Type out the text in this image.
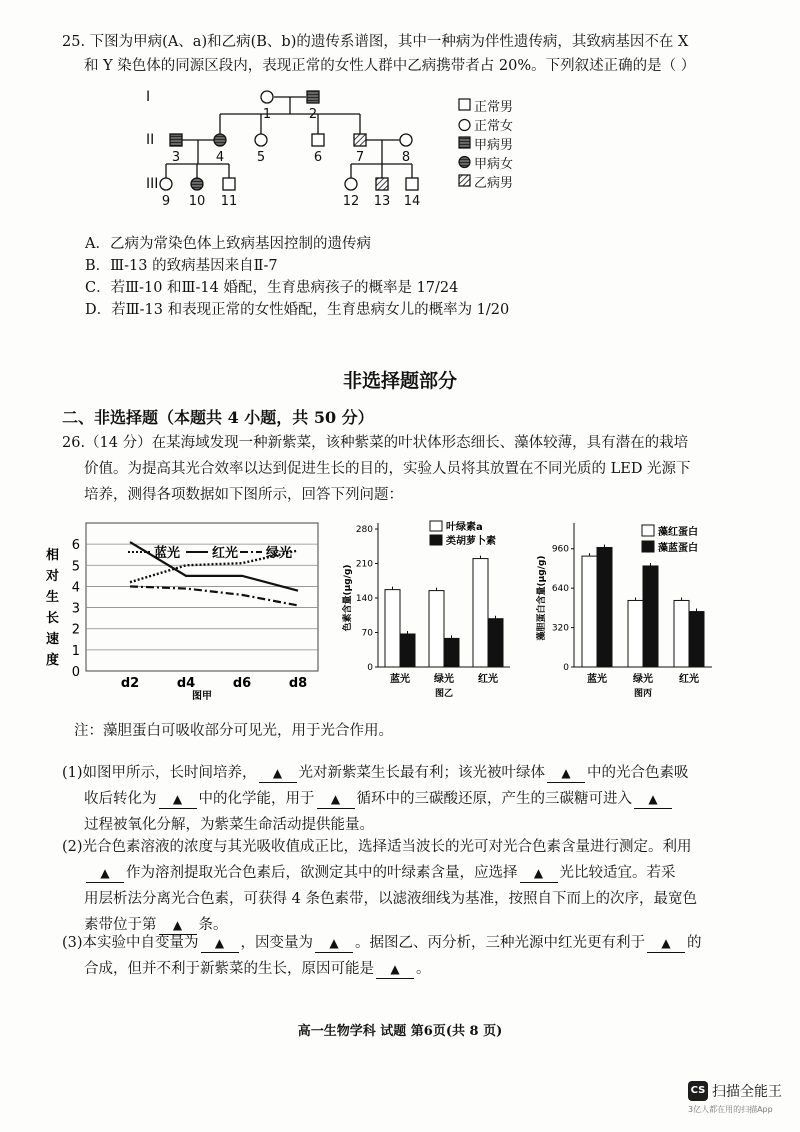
25. 下图为甲病(A、a)和乙病(B、b)的遗传系谱图，其中一种病为伴性遗传病，其致病基因不在 X
和 Y 染色体的同源区段内，表现正常的女性人群中乙病携带者占 20%。下列叙述正确的是（ ）
1	2
3	4	5	6	7	8
9 10 11	12 13 14
I
II
III
正常男
正常女
甲病男
甲病女
乙病男
A．乙病为常染色体上致病基因控制的遗传病
B．Ⅲ-13 的致病基因来自Ⅱ-7
C．若Ⅲ-10 和Ⅲ-14 婚配，生育患病孩子的概率是 17/24
D．若Ⅲ-13 和表现正常的女性婚配，生育患病女儿的概率为 1/20
非选择题部分
二、非选择题（本题共 4 小题，共 50 分）
26.（14 分）在某海域发现一种新紫菜，该种紫菜的叶状体形态细长、藻体较薄，具有潜在的栽培
价值。为提高其光合效率以达到促进生长的目的，实验人员将其放置在不同光质的 LED 光源下
培养，测得各项数据如下图所示，回答下列问题：
0
1
2
3
4
5
6
d2	d4	d6	d8
图甲
相
对
生
长
速
度
蓝光 红光 绿光
0
70
140
210
280
蓝光 绿光 红光
图乙
色素含量(μg/g)
叶绿素a
类胡萝卜素
0
320
640
960
蓝光	绿光	红光
图丙
藻胆蛋白含量(μg/g)
藻红蛋白
藻蓝蛋白
注：藻胆蛋白可吸收部分可见光，用于光合作用。
(1)如图甲所示，长时间培养， ▲ 光对新紫菜生长最有利；该光被叶绿体 ▲ 中的光合色素吸
收后转化为 ▲ 中的化学能，用于 ▲ 循环中的三碳酸还原，产生的三碳糖可进入 ▲
过程被氧化分解，为紫菜生命活动提供能量。
(2)光合色素溶液的浓度与其光吸收值成正比，选择适当波长的光可对光合色素含量进行测定。利用
▲ 作为溶剂提取光合色素后，欲测定其中的叶绿素含量，应选择 ▲ 光比较适宜。若采
用层析法分离光合色素，可获得 4 条色素带，以滤液细线为基准，按照自下而上的次序，最宽色
素带位于第 ▲ 条。
(3)本实验中自变量为 ▲ ，因变量为 ▲ 。据图乙、丙分析，三种光源中红光更有利于 ▲ 的
合成，但并不利于新紫菜的生长，原因可能是 ▲ 。
高一生物学科 试题 第6页(共 8 页)
CS 扫描全能王
3亿人都在用的扫描App
